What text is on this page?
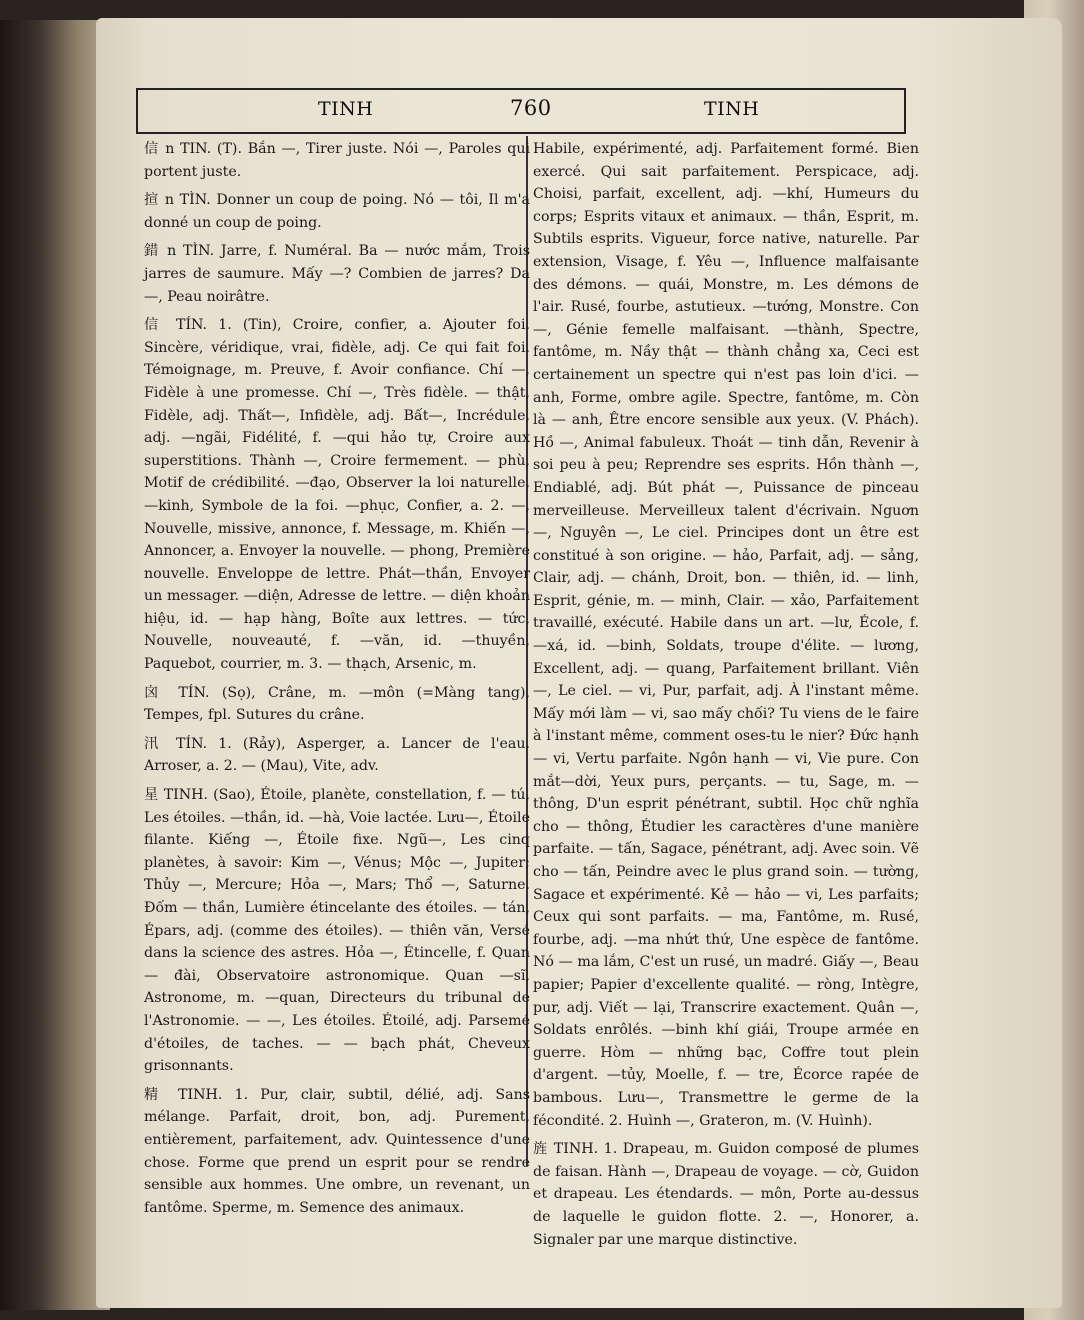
TINH	760	TINH

信 n TIN. (T). Bắn —, Tirer juste. Nói —, Paroles qui portent juste.

揎 n TÌN. Donner un coup de poing. Nó — tôi, Il m'a donné un coup de poing.

錯 n TÌN. Jarre, f. Numéral. Ba — nước mắm, Trois jarres de saumure. Mấy —? Combien de jarres? Da —, Peau noirâtre.

信 TÍN. 1. (Tin), Croire, confier, a. Ajouter foi. Sincère, véridique, vrai, fidèle, adj. Ce qui fait foi. Témoignage, m. Preuve, f. Avoir confiance. Chí —, Fidèle à une promesse. Chí —, Très fidèle. — thật, Fidèle, adj. Thất—, Infidèle, adj. Bất—, Incrédule, adj. —ngãi, Fidélité, f. —qui hảo tự, Croire aux superstitions. Thành —, Croire fermement. — phù, Motif de crédibilité. —đạo, Observer la loi naturelle. —kinh, Symbole de la foi. —phục, Confier, a. 2. —, Nouvelle, missive, annonce, f. Message, m. Khiến —, Annoncer, a. Envoyer la nouvelle. — phong, Première nouvelle. Enveloppe de lettre. Phát—thần, Envoyer un messager. —diện, Adresse de lettre. — diện khoản hiệu, id. — hạp hàng, Boîte aux lettres. — tức, Nouvelle, nouveauté, f. —văn, id. —thuyền, Paquebot, courrier, m. 3. — thạch, Arsenic, m.

囟 TÍN. (Sọ), Crâne, m. —môn (=Màng tang), Tempes, fpl. Sutures du crâne.

汛 TÍN. 1. (Rảy), Asperger, a. Lancer de l'eau. Arroser, a. 2. — (Mau), Vite, adv.

星 TINH. (Sao), Étoile, planète, constellation, f. — tú, Les étoiles. —thần, id. —hà, Voie lactée. Lưu—, Étoile filante. Kiếng —, Étoile fixe. Ngũ—, Les cinq planètes, à savoir: Kim —, Vénus; Mộc —, Jupiter; Thủy —, Mercure; Hỏa —, Mars; Thổ —, Saturne. Đốm — thần, Lumière étincelante des étoiles. — tán, Épars, adj. (comme des étoiles). — thiên văn, Versé dans la science des astres. Hỏa —, Étincelle, f. Quan — đài, Observatoire astronomique. Quan —sĩ, Astronome, m. —quan, Directeurs du tribunal de l'Astronomie. — —, Les étoiles. Étoilé, adj. Parsemé d'étoiles, de taches. — — bạch phát, Cheveux grisonnants.

精 TINH. 1. Pur, clair, subtil, délié, adj. Sans mélange. Parfait, droit, bon, adj. Purement, entièrement, parfaitement, adv. Quintessence d'une chose. Forme que prend un esprit pour se rendre sensible aux hommes. Une ombre, un revenant, un fantôme. Sperme, m. Semence des animaux.

Habile, expérimenté, adj. Parfaitement formé. Bien exercé. Qui sait parfaitement. Perspicace, adj. Choisi, parfait, excellent, adj. —khí, Humeurs du corps; Esprits vitaux et animaux. — thần, Esprit, m. Subtils esprits. Vigueur, force native, naturelle. Par extension, Visage, f. Yêu —, Influence malfaisante des démons. — quái, Monstre, m. Les démons de l'air. Rusé, fourbe, astutieux. —tướng, Monstre. Con—, Génie femelle malfaisant. —thành, Spectre, fantôme, m. Nầy thật — thành chẳng xa, Ceci est certainement un spectre qui n'est pas loin d'ici. —anh, Forme, ombre agile. Spectre, fantôme, m. Còn là — anh, Être encore sensible aux yeux. (V. Phách). Hồ —, Animal fabuleux. Thoát — tinh dẫn, Revenir à soi peu à peu; Reprendre ses esprits. Hồn thành —, Endiablé, adj. Bút phát —, Puissance de pinceau merveilleuse. Merveilleux talent d'écrivain. Nguơn —, Nguyên —, Le ciel. Principes dont un être est constitué à son origine. — hảo, Parfait, adj. — sảng, Clair, adj. — chánh, Droit, bon. — thiên, id. — linh, Esprit, génie, m. — minh, Clair. — xảo, Parfaitement travaillé, exécuté. Habile dans un art. —lư, École, f. —xá, id. —binh, Soldats, troupe d'élite. — lương, Excellent, adj. — quang, Parfaitement brillant. Viên —, Le ciel. — vi, Pur, parfait, adj. À l'instant même. Mấy mới làm — vi, sao mấy chối? Tu viens de le faire à l'instant même, comment oses-tu le nier? Đức hạnh — vi, Vertu parfaite. Ngôn hạnh — vi, Vie pure. Con mắt—dời, Yeux purs, perçants. — tu, Sage, m. — thông, D'un esprit pénétrant, subtil. Học chữ nghĩa cho — thông, Étudier les caractères d'une manière parfaite. — tấn, Sagace, pénétrant, adj. Avec soin. Vẽ cho — tấn, Peindre avec le plus grand soin. — tường, Sagace et expérimenté. Kẻ — hảo — vi, Les parfaits; Ceux qui sont parfaits. — ma, Fantôme, m. Rusé, fourbe, adj. —ma nhứt thứ, Une espèce de fantôme. Nó — ma lắm, C'est un rusé, un madré. Giấy —, Beau papier; Papier d'excellente qualité. — ròng, Intègre, pur, adj. Viết — lại, Transcrire exactement. Quân —, Soldats enrôlés. —binh khí giái, Troupe armée en guerre. Hòm — những bạc, Coffre tout plein d'argent. —tủy, Moelle, f. — tre, Écorce rapée de bambous. Lưu—, Transmettre le germe de la fécondité. 2. Huình —, Grateron, m. (V. Huình).

旌 TINH. 1. Drapeau, m. Guidon composé de plumes de faisan. Hành —, Drapeau de voyage. — cờ, Guidon et drapeau. Les étendards. — môn, Porte au-dessus de laquelle le guidon flotte. 2. —, Honorer, a. Signaler par une marque distinctive.
